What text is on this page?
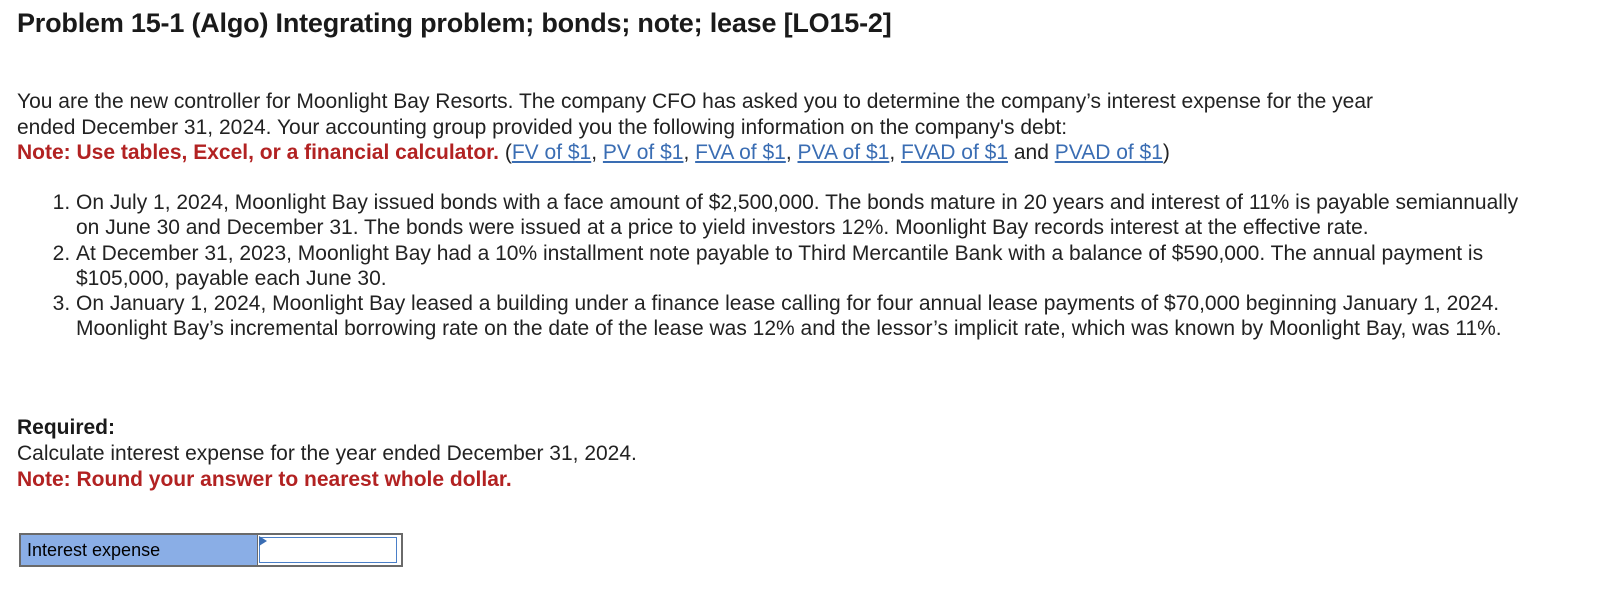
Problem 15-1 (Algo) Integrating problem; bonds; note; lease [LO15-2]

You are the new controller for Moonlight Bay Resorts. The company CFO has asked you to determine the company’s interest expense for the year ended December 31, 2024. Your accounting group provided you the following information on the company's debt:
Note: Use tables, Excel, or a financial calculator. (FV of $1, PV of $1, FVA of $1, PVA of $1, FVAD of $1 and PVAD of $1)

1. On July 1, 2024, Moonlight Bay issued bonds with a face amount of $2,500,000. The bonds mature in 20 years and interest of 11% is payable semiannually on June 30 and December 31. The bonds were issued at a price to yield investors 12%. Moonlight Bay records interest at the effective rate.
2. At December 31, 2023, Moonlight Bay had a 10% installment note payable to Third Mercantile Bank with a balance of $590,000. The annual payment is $105,000, payable each June 30.
3. On January 1, 2024, Moonlight Bay leased a building under a finance lease calling for four annual lease payments of $70,000 beginning January 1, 2024. Moonlight Bay’s incremental borrowing rate on the date of the lease was 12% and the lessor’s implicit rate, which was known by Moonlight Bay, was 11%.
Required:
Calculate interest expense for the year ended December 31, 2024.
Note: Round your answer to nearest whole dollar.
Interest expense	
